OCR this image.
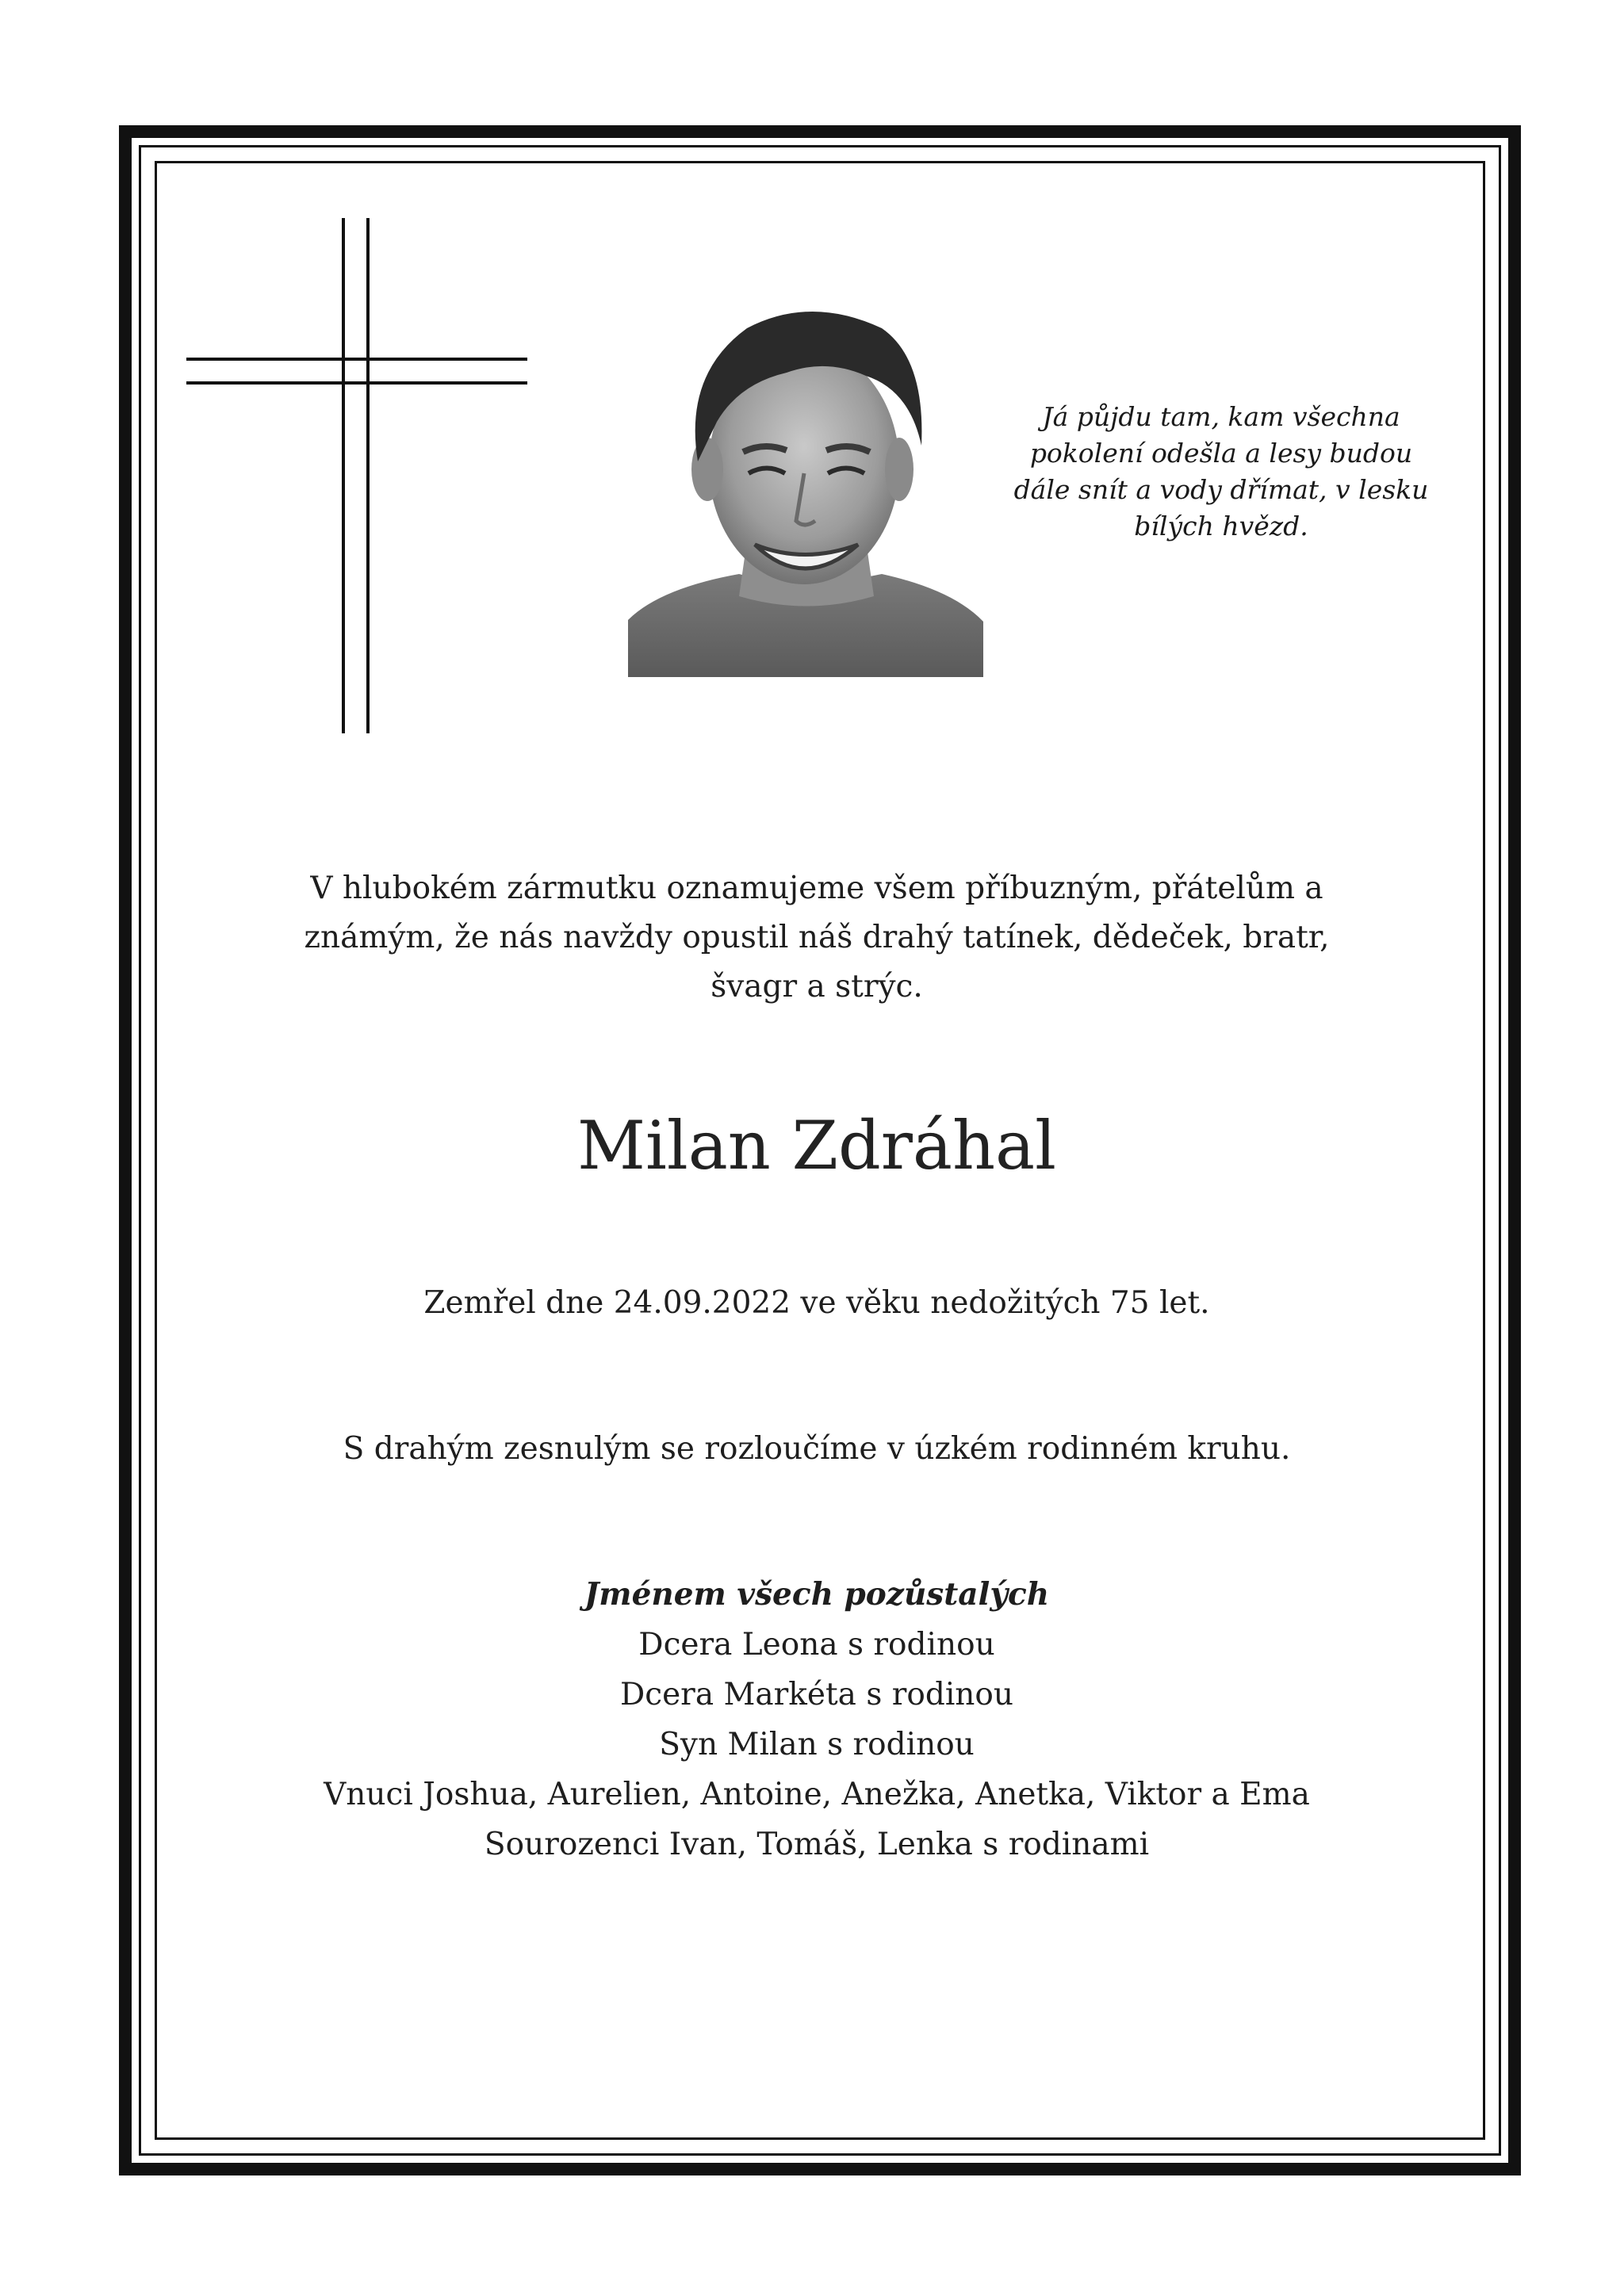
Já půjdu tam, kam všechna
pokolení odešla a lesy budou
dále snít a vody dřímat, v lesku
bílých hvězd.
V hlubokém zármutku oznamujeme všem příbuzným, přátelům a
známým, že nás navždy opustil náš drahý tatínek, dědeček, bratr,
švagr a strýc.
Milan Zdráhal
Zemřel dne 24.09.2022 ve věku nedožitých 75 let.
S drahým zesnulým se rozloučíme v úzkém rodinném kruhu.
Jménem všech pozůstalých
Dcera Leona s rodinou
Dcera Markéta s rodinou
Syn Milan s rodinou
Vnuci Joshua, Aurelien, Antoine, Anežka, Anetka, Viktor a Ema
Sourozenci Ivan, Tomáš, Lenka s rodinami
